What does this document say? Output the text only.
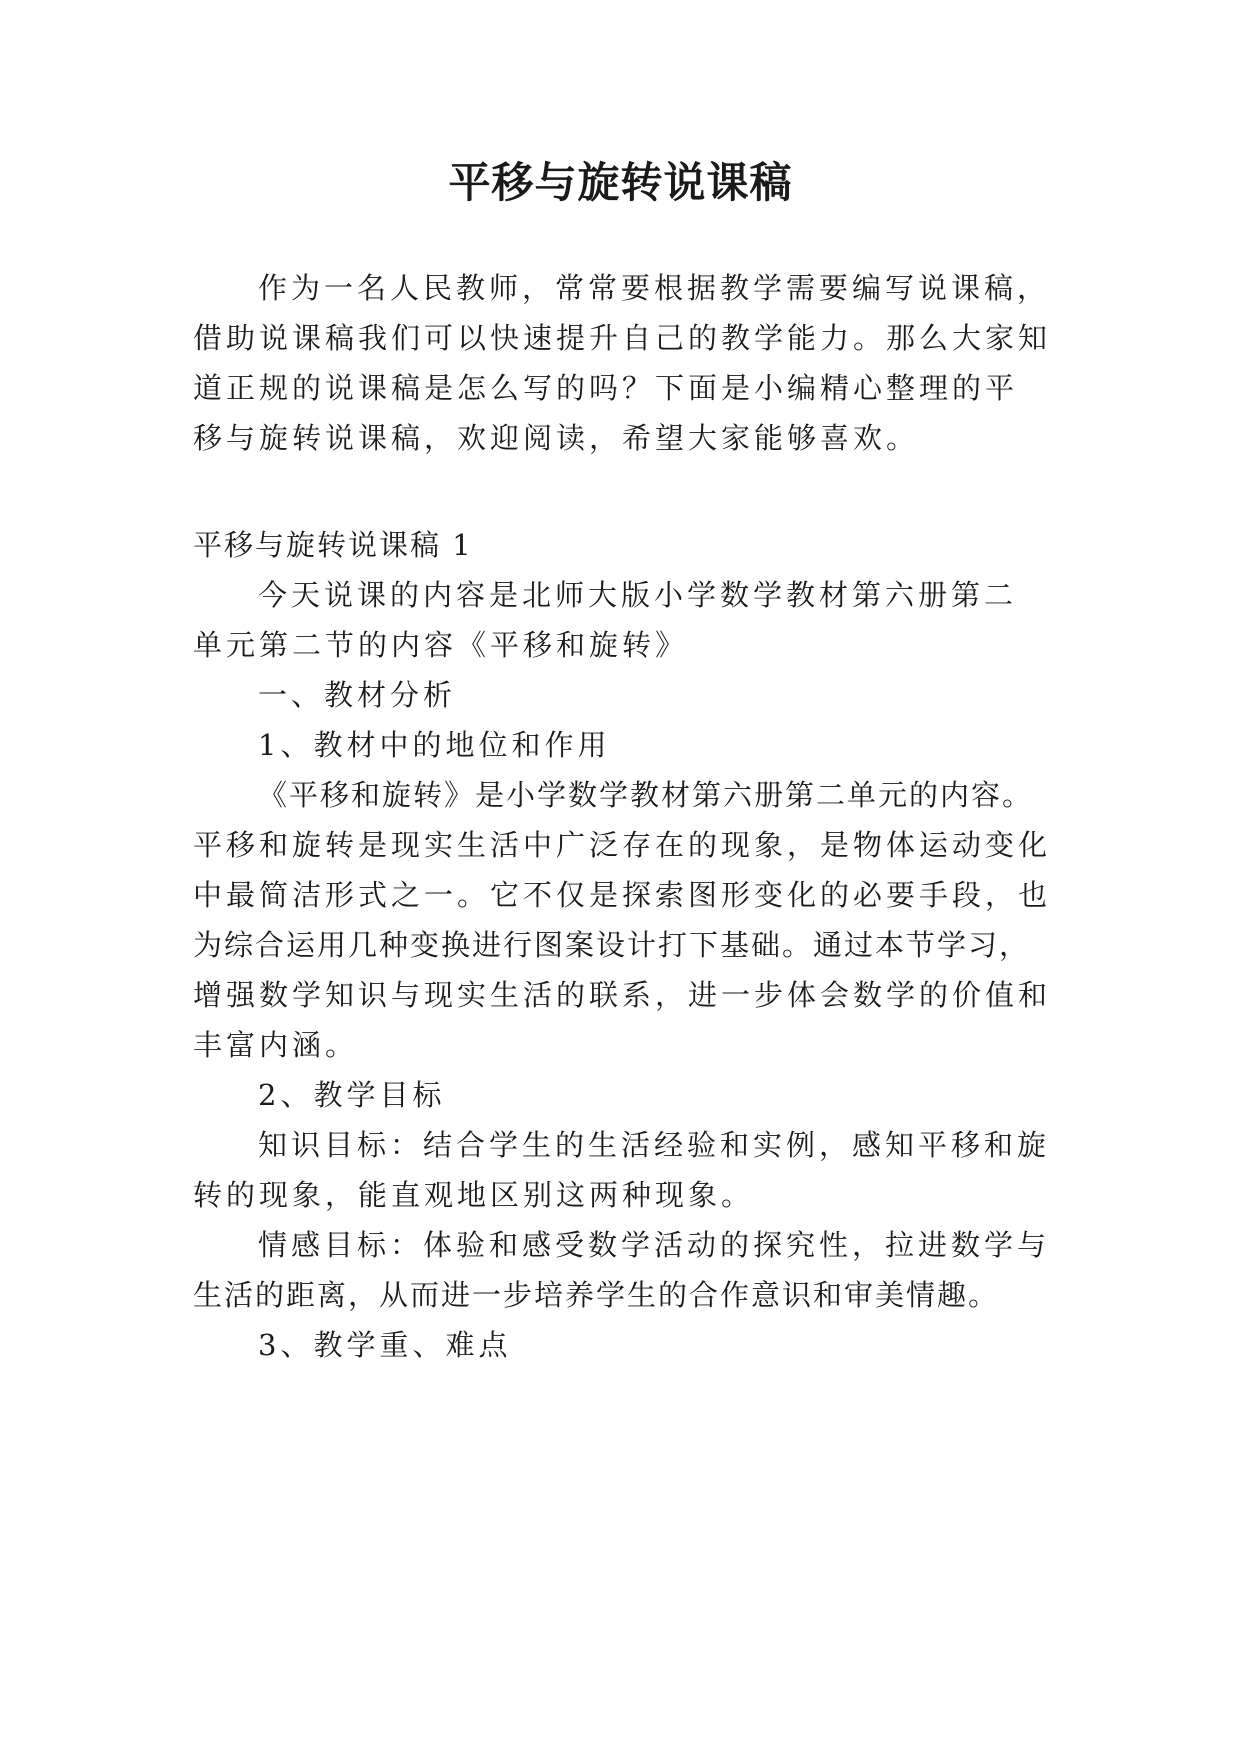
平移与旋转说课稿

作为一名人民教师，常常要根据教学需要编写说课稿，

借助说课稿我们可以快速提升自己的教学能力。那么大家知

道正规的说课稿是怎么写的吗？下面是小编精心整理的平

移与旋转说课稿，欢迎阅读，希望大家能够喜欢。

平移与旋转说课稿 1

今天说课的内容是北师大版小学数学教材第六册第二

单元第二节的内容《平移和旋转》

一、教材分析

1、教材中的地位和作用

《平移和旋转》是小学数学教材第六册第二单元的内容。

平移和旋转是现实生活中广泛存在的现象，是物体运动变化

中最简洁形式之一。它不仅是探索图形变化的必要手段，也

为综合运用几种变换进行图案设计打下基础。通过本节学习，

增强数学知识与现实生活的联系，进一步体会数学的价值和

丰富内涵。

2、教学目标

知识目标：结合学生的生活经验和实例，感知平移和旋

转的现象，能直观地区别这两种现象。

情感目标：体验和感受数学活动的探究性，拉进数学与

生活的距离，从而进一步培养学生的合作意识和审美情趣。

3、教学重、难点
